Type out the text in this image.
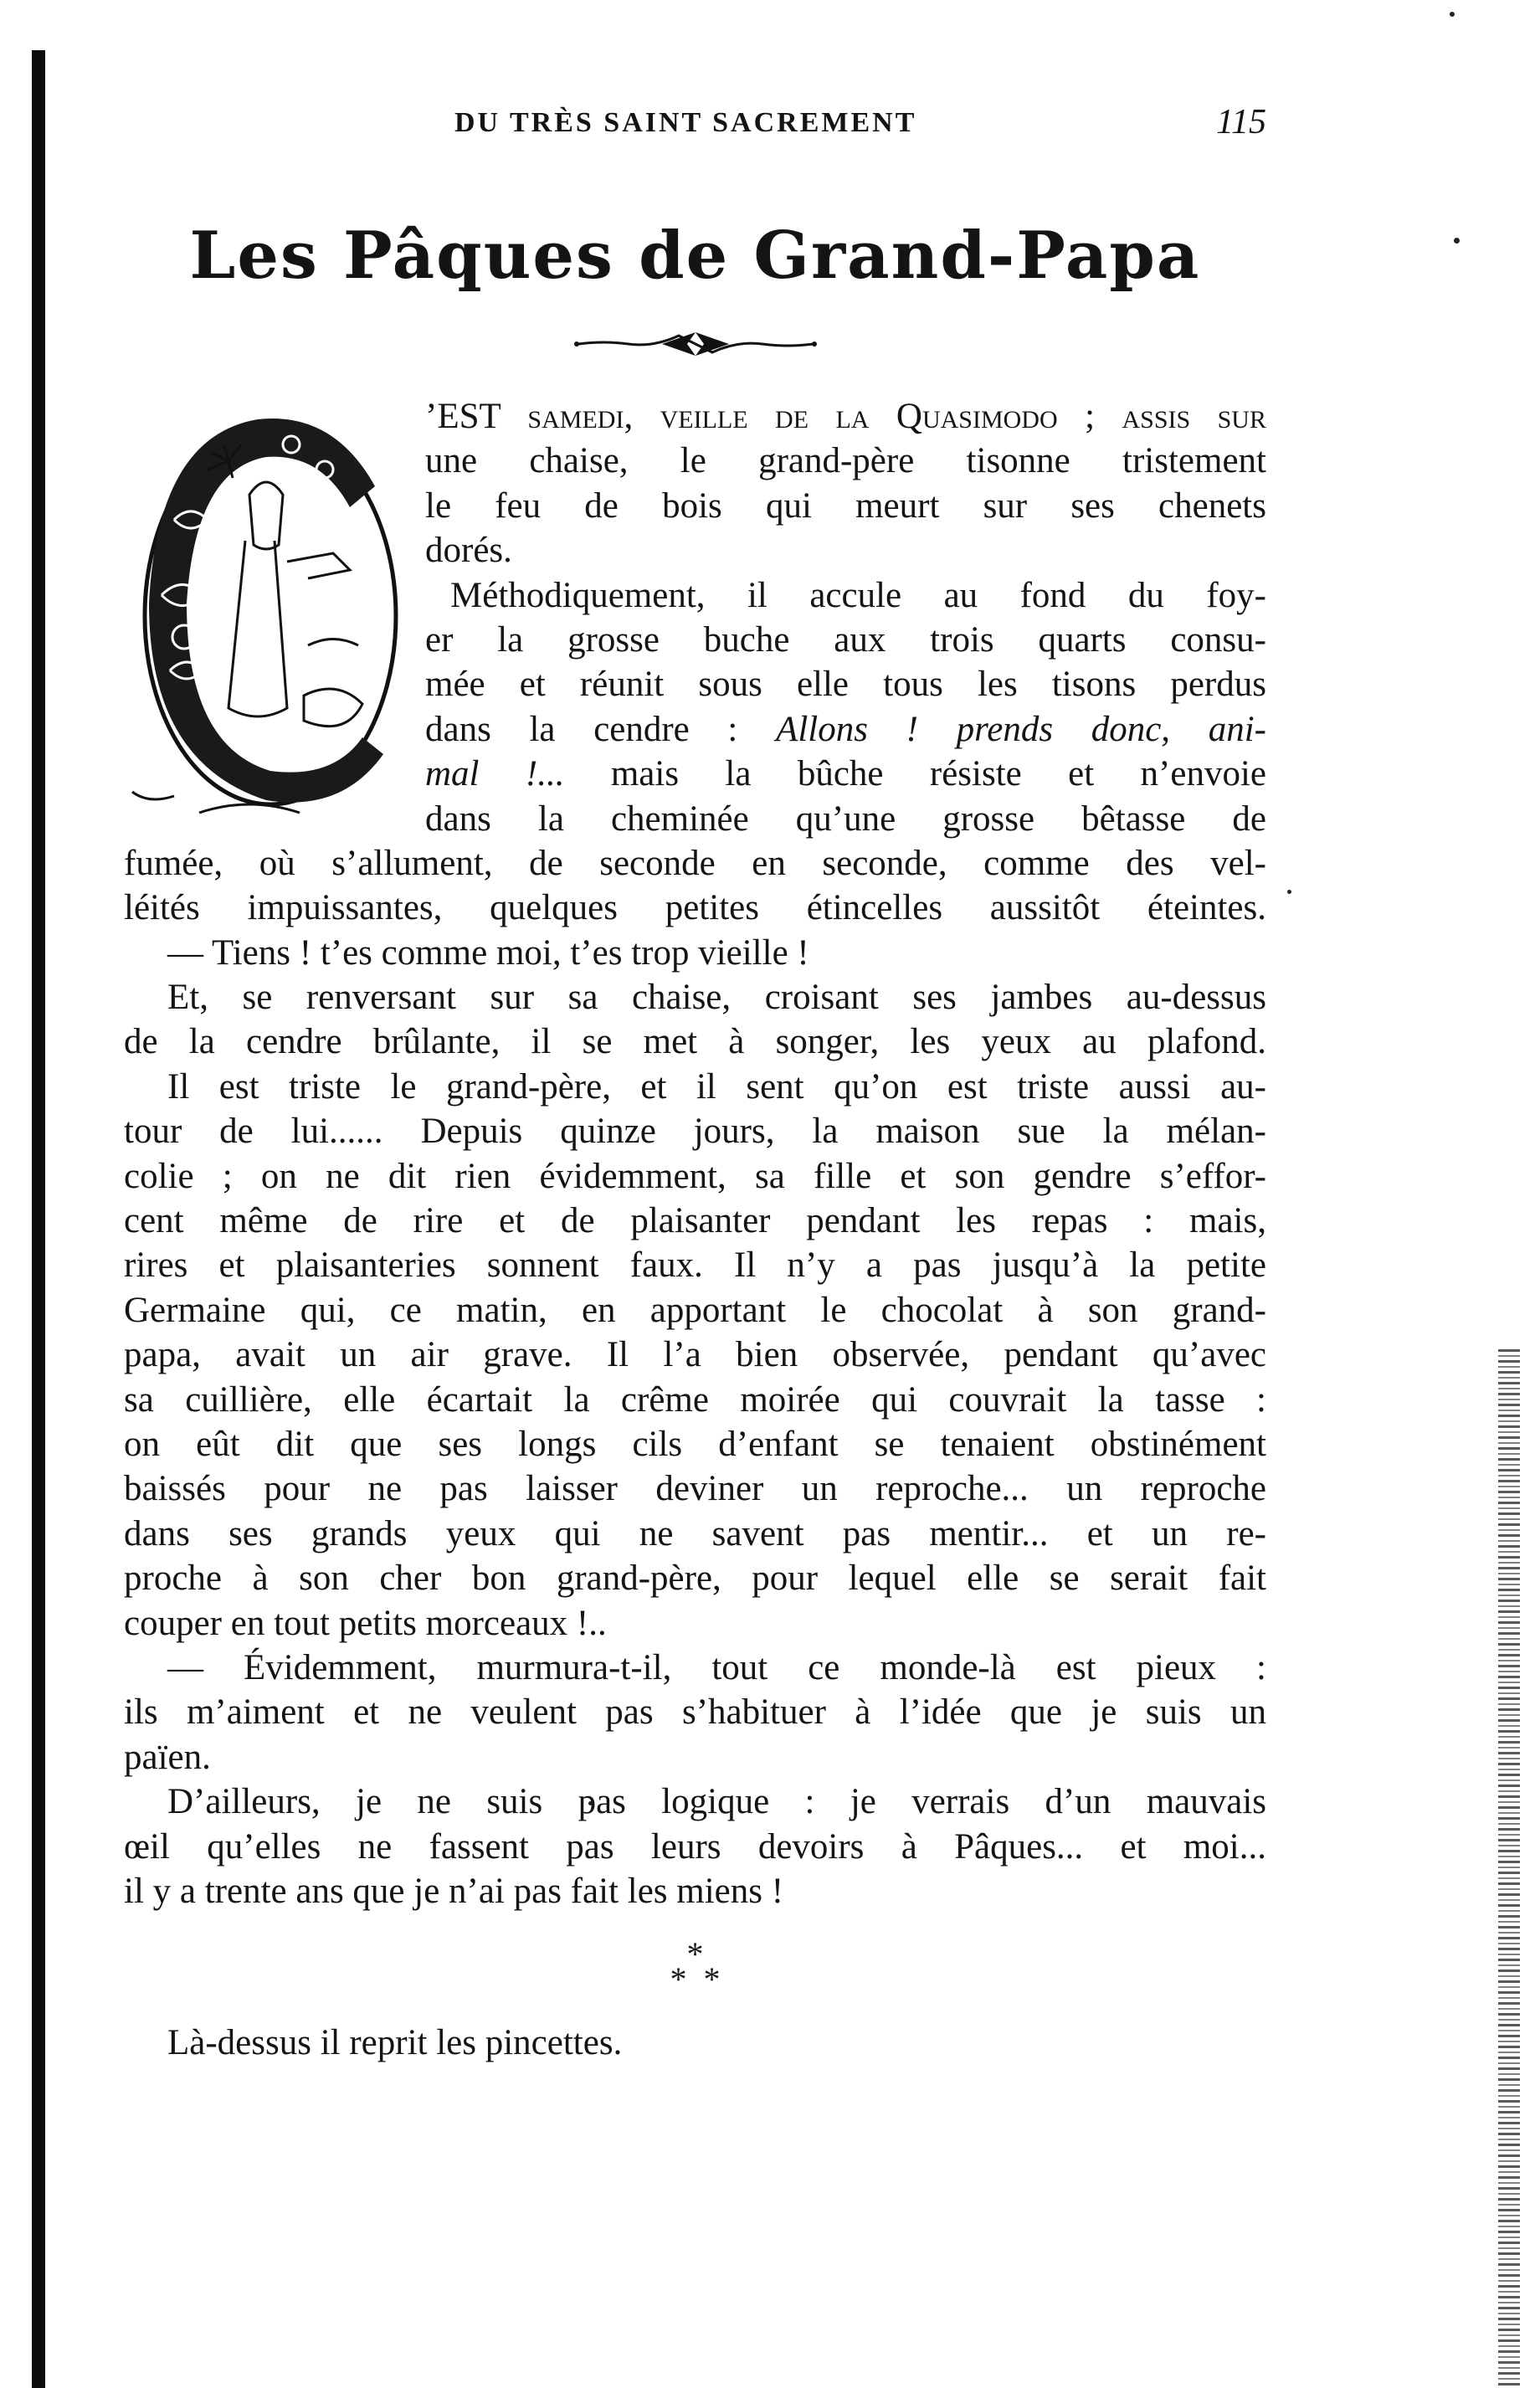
DU TRÈS SAINT SACREMENT	115
Les Pâques de Grand-Papa
’EST samedi, veille de la Quasimodo ; assis sur
une chaise, le grand-père tisonne tristement
le feu de bois qui meurt sur ses chenets
dorés.
Méthodiquement, il accule au fond du foy-
er la grosse buche aux trois quarts consu-
mée et réunit sous elle tous les tisons perdus
dans la cendre : Allons ! prends donc, ani-
mal !... mais la bûche résiste et n’envoie
dans la cheminée qu’une grosse bêtasse de
fumée, où s’allument, de seconde en seconde, comme des vel-
léités impuissantes, quelques petites étincelles aussitôt éteintes.
— Tiens ! t’es comme moi, t’es trop vieille !
Et, se renversant sur sa chaise, croisant ses jambes au-dessus
de la cendre brûlante, il se met à songer, les yeux au plafond.
Il est triste le grand-père, et il sent qu’on est triste aussi au-
tour de lui...... Depuis quinze jours, la maison sue la mélan-
colie ; on ne dit rien évidemment, sa fille et son gendre s’effor-
cent même de rire et de plaisanter pendant les repas : mais,
rires et plaisanteries sonnent faux. Il n’y a pas jusqu’à la petite
Germaine qui, ce matin, en apportant le chocolat à son grand-
papa, avait un air grave. Il l’a bien observée, pendant qu’avec
sa cuillière, elle écartait la crême moirée qui couvrait la tasse :
on eût dit que ses longs cils d’enfant se tenaient obstinément
baissés pour ne pas laisser deviner un reproche... un reproche
dans ses grands yeux qui ne savent pas mentir... et un re-
proche à son cher bon grand-père, pour lequel elle se serait fait
couper en tout petits morceaux !..
— Évidemment, murmura-t-il, tout ce monde-là est pieux :
ils m’aiment et ne veulent pas s’habituer à l’idée que je suis un
païen.
D’ailleurs, je ne suis pas logique : je verrais d’un mauvais
œil qu’elles ne fassent pas leurs devoirs à Pâques... et moi...
il y a trente ans que je n’ai pas fait les miens !
*
* *
Là-dessus il reprit les pincettes.
